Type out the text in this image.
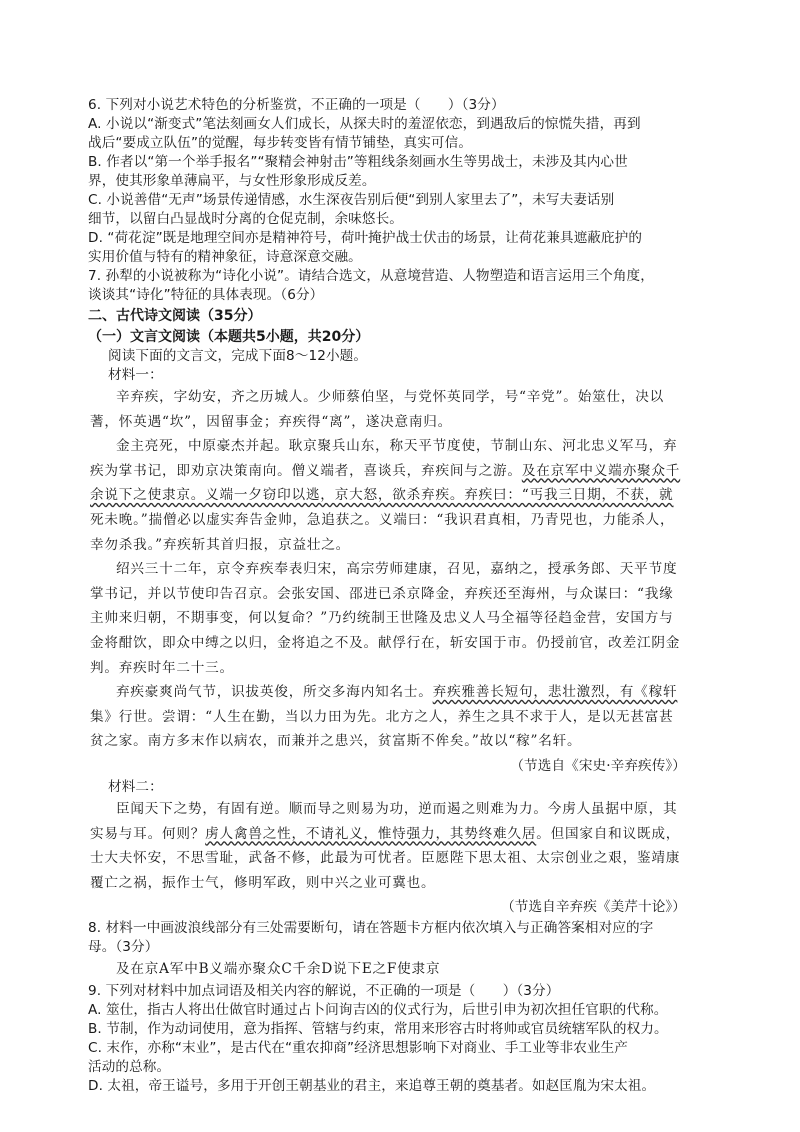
6. 下列对小说艺术特色的分析鉴赏，不正确的一项是（　　）（3分）
A. 小说以“渐变式”笔法刻画女人们成长，从探夫时的羞涩依恋，到遇敌后的惊慌失措，再到
战后“要成立队伍”的觉醒，每步转变皆有情节铺垫，真实可信。
B. 作者以“第一个举手报名”“聚精会神射击”等粗线条刻画水生等男战士，未涉及其内心世
界，使其形象单薄扁平，与女性形象形成反差。
C. 小说善借“无声”场景传递情感，水生深夜告别后便“到别人家里去了”，未写夫妻话别
细节，以留白凸显战时分离的仓促克制，余味悠长。
D. “荷花淀”既是地理空间亦是精神符号，荷叶掩护战士伏击的场景，让荷花兼具遮蔽庇护的
实用价值与特有的精神象征，诗意深意交融。
7. 孙犁的小说被称为“诗化小说”。请结合选文，从意境营造、人物塑造和语言运用三个角度，
谈谈其“诗化”特征的具体表现。（6分）
二、古代诗文阅读（35分）
（一）文言文阅读（本题共5小题，共20分）
阅读下面的文言文，完成下面8～12小题。
材料一：
辛弃疾，字幼安，齐之历城人。少师蔡伯坚，与党怀英同学，号“辛党”。始筮仕，决以
蓍，怀英遇“坎”，因留事金；弃疾得“离”，遂决意南归。
金主亮死，中原豪杰并起。耿京聚兵山东，称天平节度使，节制山东、河北忠义军马，弃
疾为掌书记，即劝京决策南向。僧义端者，喜谈兵，弃疾间与之游。及在京军中义端亦聚众千
余说下之使隶京。义端一夕窃印以逃，京大怒，欲杀弃疾。弃疾曰：“丐我三日期，不获，就
死未晚。”揣僧必以虚实奔告金帅，急追获之。义端曰：“我识君真相，乃青兕也，力能杀人，
幸勿杀我。”弃疾斩其首归报，京益壮之。
绍兴三十二年，京令弃疾奉表归宋，高宗劳师建康，召见，嘉纳之，授承务郎、天平节度
掌书记，并以节使印告召京。会张安国、邵进已杀京降金，弃疾还至海州，与众谋曰：“我缘
主帅来归朝，不期事变，何以复命？”乃约统制王世隆及忠义人马全福等径趋金营，安国方与
金将酣饮，即众中缚之以归，金将追之不及。献俘行在，斩安国于市。仍授前官，改差江阴金
判。弃疾时年二十三。
弃疾豪爽尚气节，识拔英俊，所交多海内知名士。弃疾雅善长短句，悲壮激烈，有《稼轩
集》行世。尝谓：“人生在勤，当以力田为先。北方之人，养生之具不求于人，是以无甚富甚
贫之家。南方多末作以病农，而兼并之患兴，贫富斯不侔矣。”故以“稼”名轩。
（节选自《宋史·辛弃疾传》）
材料二：
臣闻天下之势，有固有逆。顺而导之则易为功，逆而遏之则难为力。今虏人虽据中原，其
实易与耳。何则？虏人禽兽之性，不请礼义，惟恃强力，其势终难久居。但国家自和议既成，
士大夫怀安，不思雪耻，武备不修，此最为可忧者。臣愿陛下思太祖、太宗创业之艰，鉴靖康
覆亡之祸，振作士气，修明军政，则中兴之业可冀也。
（节选自辛弃疾《美芹十论》）
8. 材料一中画波浪线部分有三处需要断句，请在答题卡方框内依次填入与正确答案相对应的字
母。（3分）
及在京A军中B义端亦聚众C千余D说下E之F使隶京
9. 下列对材料中加点词语及相关内容的解说，不正确的一项是（　　）（3分）
A. 筮仕，指古人将出仕做官时通过占卜问询吉凶的仪式行为，后世引申为初次担任官职的代称。
B. 节制，作为动词使用，意为指挥、管辖与约束，常用来形容古时将帅或官员统辖军队的权力。
C. 末作，亦称“末业”，是古代在“重农抑商”经济思想影响下对商业、手工业等非农业生产
活动的总称。
D. 太祖，帝王谥号，多用于开创王朝基业的君主，来追尊王朝的奠基者。如赵匡胤为宋太祖。
